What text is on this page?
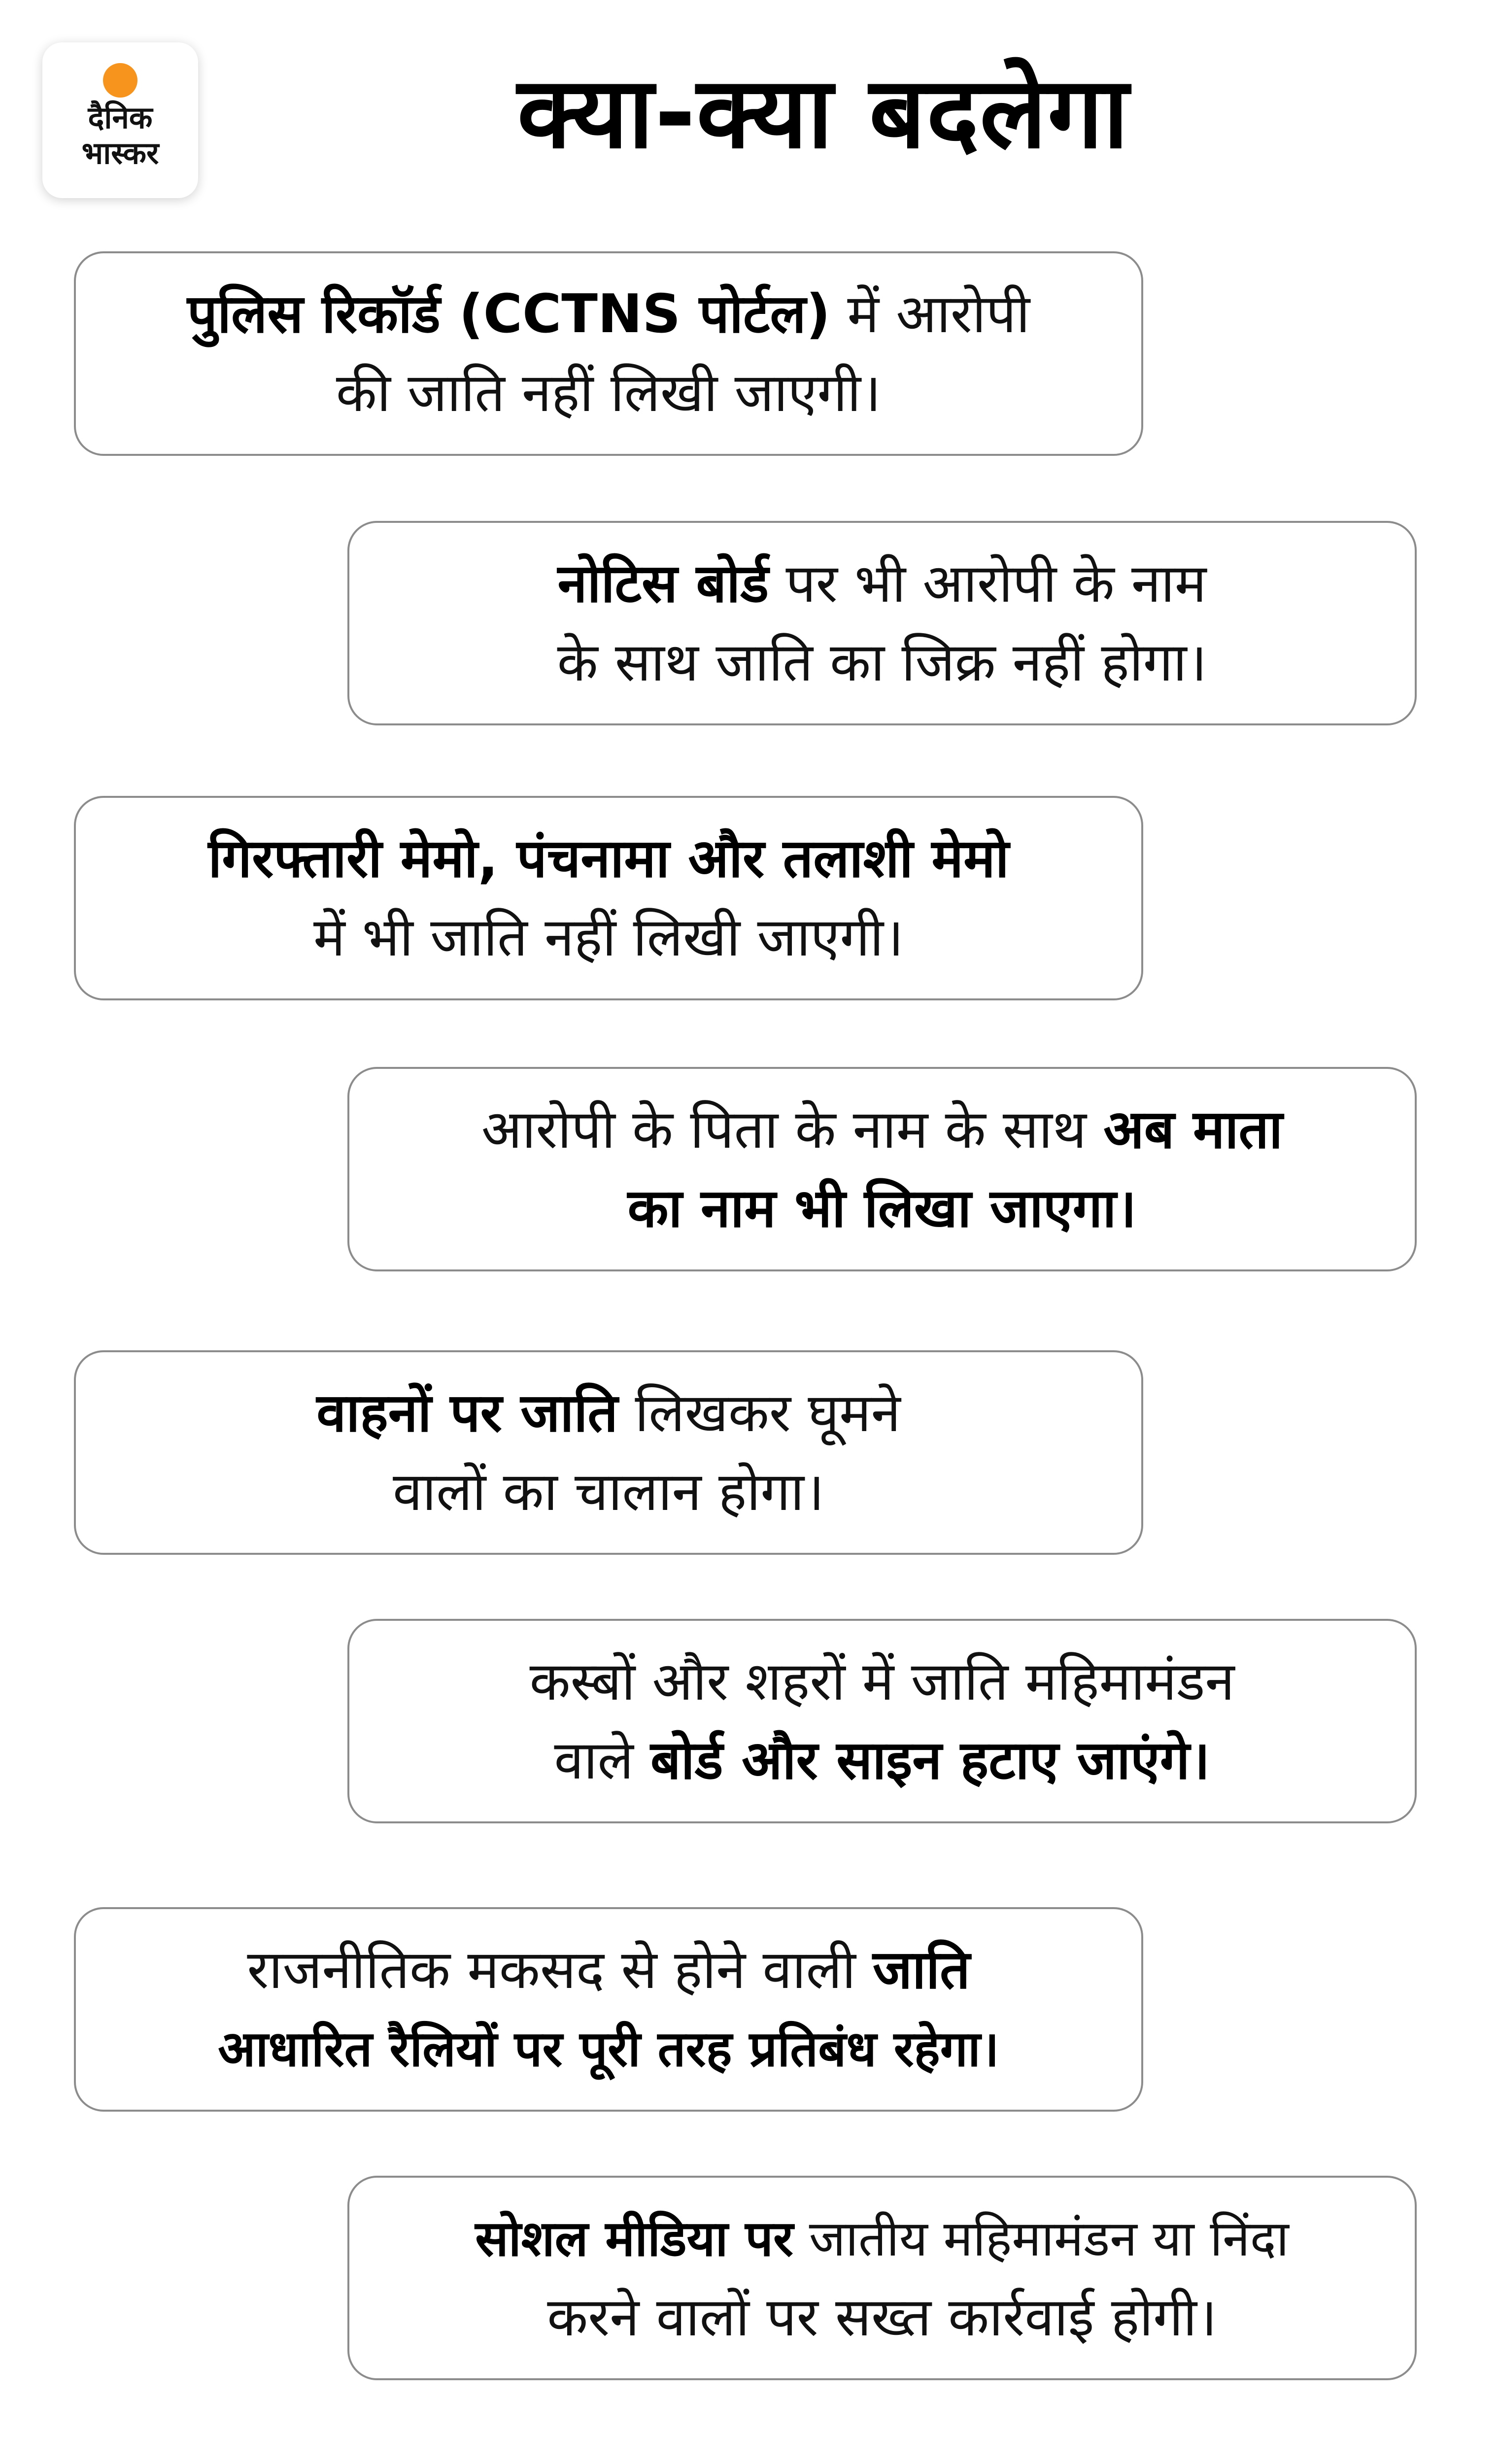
दैनिक
भास्कर	क्या-क्या बदलेगा
पुलिस रिकॉर्ड (CCTNS पोर्टल) में आरोपी
की जाति नहीं लिखी जाएगी।
नोटिस बोर्ड पर भी आरोपी के नाम
के साथ जाति का जिक्र नहीं होगा।
गिरफ्तारी मेमो, पंचनामा और तलाशी मेमो
में भी जाति नहीं लिखी जाएगी।
आरोपी के पिता के नाम के साथ अब माता
का नाम भी लिखा जाएगा।
वाहनों पर जाति लिखकर घूमने
वालों का चालान होगा।
कस्बों और शहरों में जाति महिमामंडन
वाले बोर्ड और साइन हटाए जाएंगे।
राजनीतिक मकसद से होने वाली जाति
आधारित रैलियों पर पूरी तरह प्रतिबंध रहेगा।
सोशल मीडिया पर जातीय महिमामंडन या निंदा
करने वालों पर सख्त कार्रवाई होगी।
